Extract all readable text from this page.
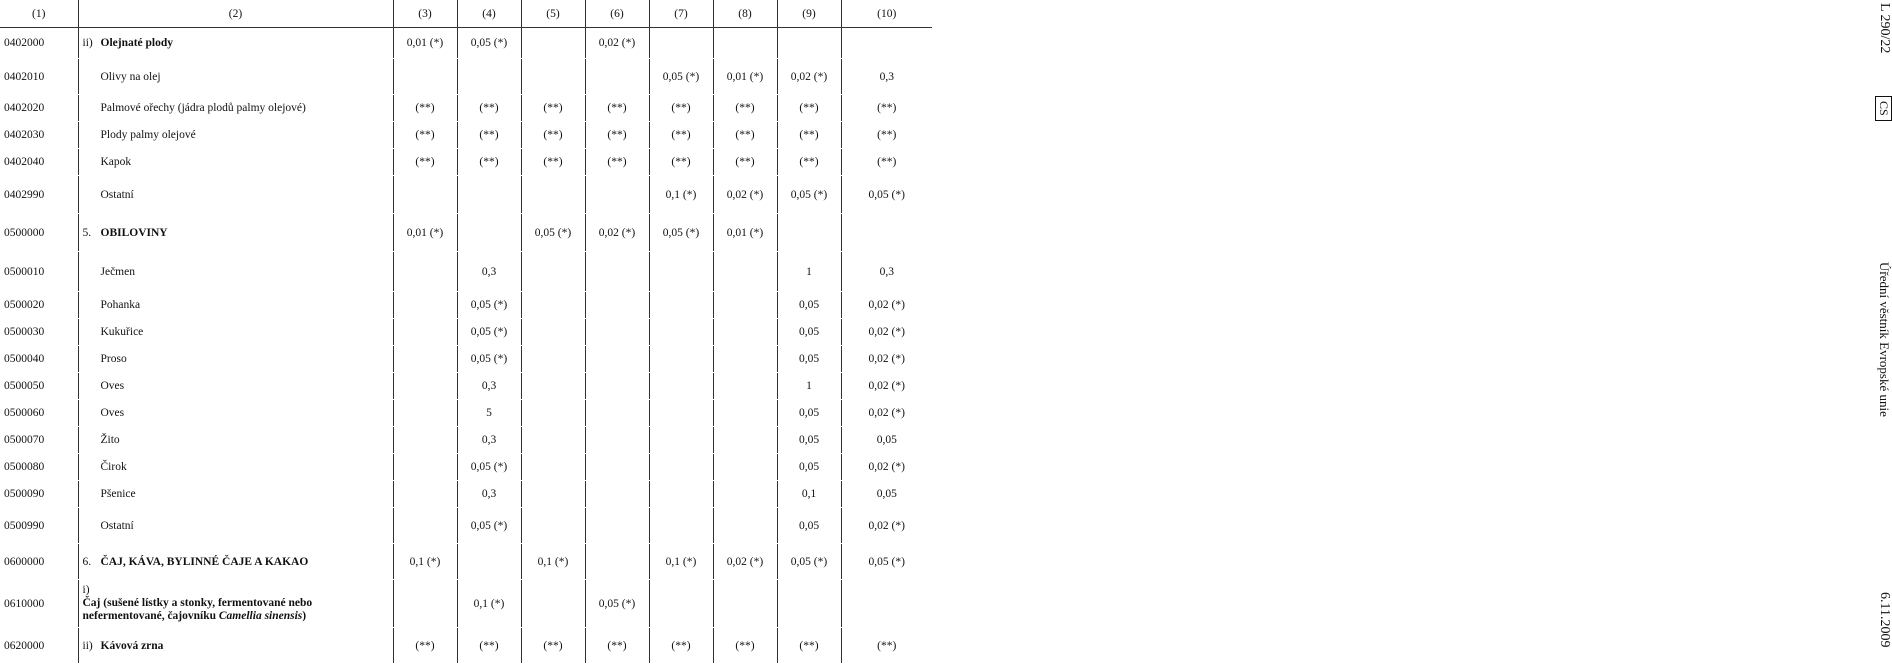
(1)	(2)	(3)	(4)	(5)	(6)	(7)	(8)	(9)	(10)
0402000	ii) Olejnaté plody	0,01 (*)	0,05 (*)		0,02 (*)				
0402010	Olivy na olej					0,05 (*)	0,01 (*)	0,02 (*)	0,3
0402020	Palmové ořechy (jádra plodů palmy olejové)	(**)	(**)	(**)	(**)	(**)	(**)	(**)	(**)
0402030	Plody palmy olejové	(**)	(**)	(**)	(**)	(**)	(**)	(**)	(**)
0402040	Kapok	(**)	(**)	(**)	(**)	(**)	(**)	(**)	(**)
0402990	Ostatní					0,1 (*)	0,02 (*)	0,05 (*)	0,05 (*)
0500000	5. OBILOVINY	0,01 (*)		0,05 (*)	0,02 (*)	0,05 (*)	0,01 (*)		
0500010	Ječmen		0,3					1	0,3
0500020	Pohanka		0,05 (*)					0,05	0,02 (*)
0500030	Kukuřice		0,05 (*)					0,05	0,02 (*)
0500040	Proso		0,05 (*)					0,05	0,02 (*)
0500050	Oves		0,3					1	0,02 (*)
0500060	Oves		5					0,05	0,02 (*)
0500070	Žito		0,3					0,05	0,05
0500080	Čirok		0,05 (*)					0,05	0,02 (*)
0500090	Pšenice		0,3					0,1	0,05
0500990	Ostatní		0,05 (*)					0,05	0,02 (*)
0600000	6. ČAJ, KÁVA, BYLINNÉ ČAJE A KAKAO	0,1 (*)		0,1 (*)		0,1 (*)	0,02 (*)	0,05 (*)	0,05 (*)
0610000	i)Čaj (sušené lístky a stonky, fermentované nebo nefermentované, čajovníku Camellia sinensis)		0,1 (*)		0,05 (*)				
0620000	ii) Kávová zrna	(**)	(**)	(**)	(**)	(**)	(**)	(**)	(**)
L 290/22
CS
Úřední věstník Evropské unie
6.11.2009
